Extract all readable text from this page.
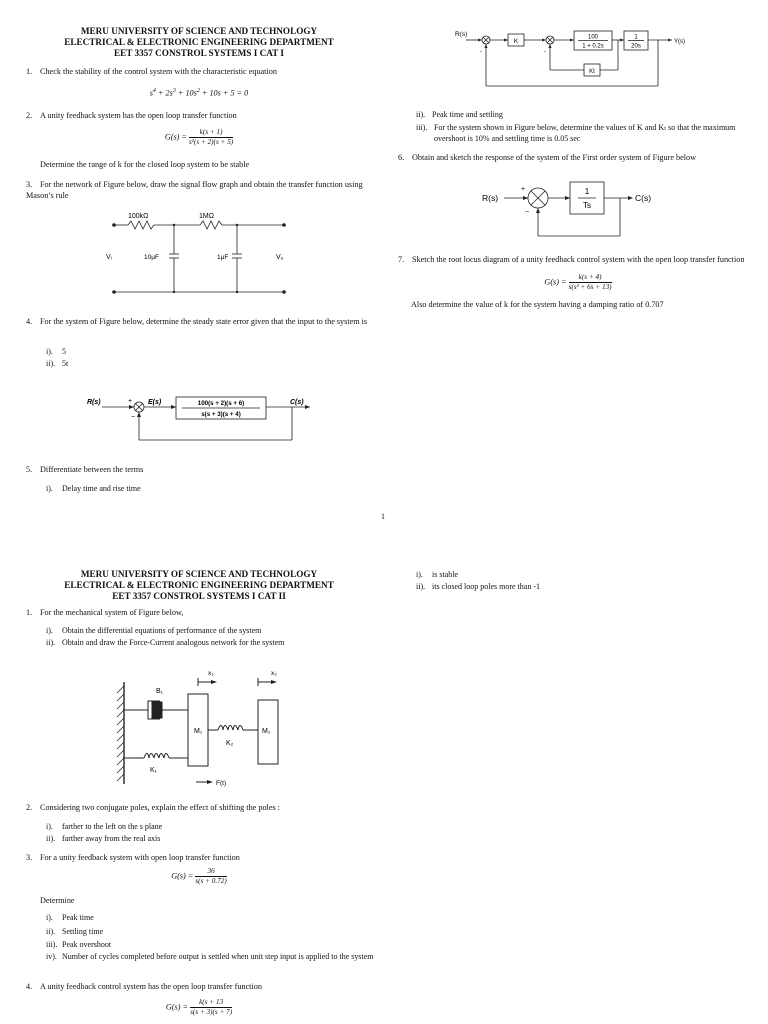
MERU UNIVERSITY OF SCIENCE AND TECHNOLOGY
ELECTRICAL & ELECTRONIC ENGINEERING DEPARTMENT
EET 3357 CONSTROL SYSTEMS I CAT I
1. Check the stability of the control system with the characteristic equation
$s^4 + 2s^3 + 10s^2 + 10s + 5 = 0$
2. A unity feedback system has the open loop transfer function
$G(s) = \frac{k(s + 1)}{\text{s²(s + 2)(s + 5)}}$
Determine the range of k for the closed loop system to be stable
3. For the network of Figure below, draw the signal flow graph and obtain the transfer function using Mason’s rule
100kΩ	1MΩ
10μF	1μF
Vᵢ	Vₒ
4. For the system of Figure below, determine the steady state error given that the input to the system is
i). 5
ii). 5t
R(s)	E(s)	C(s)
100(s + 2)(s + 6)
s(s + 3)(s + 4)
+
−
5. Differentiate between the terms
i). Delay time and rise time
R(s)
Y(s)
K
100
1 + 0.2s
1
20s
Kt
-
-
ii). Peak time and settling
iii). For the system shown in Figure below, determine the values of K and Kₜ so that the maximum overshoot is 10% and settling time is 0.05 sec
6. Obtain and sketch the response of the system of the First order system of Figure below
R(s)	C(s)
1
Ts
+
−
7. Sketch the root locus diagram of a unity feedback control system with the open loop transfer function
$G(s) = \frac{k(s + 4)}{\text{s(s² + 6s + 13)}}$
Also determine the value of k for the system having a damping ratio of 0.707
1
MERU UNIVERSITY OF SCIENCE AND TECHNOLOGY
ELECTRICAL & ELECTRONIC ENGINEERING DEPARTMENT
EET 3357 CONSTROL SYSTEMS I CAT II
1. For the mechanical system of Figure below,
i). Obtain the differential equations of performance of the system
ii). Obtain and draw the Force-Current analogous network for the system
B₁
M₁	M₂
K₁
K₂
x₁	x₂
F(t)
2. Considering two conjugate poles, explain the effect of shifting the poles :
i). farther to the left on the s plane
ii). farther away from the real axis
3. For a unity feedback system with open loop transfer function
$G(s) = \frac{36}{s(s + 0.72)}$
Determine
i). Peak time
ii). Settling time
iii). Peak overshoot
iv). Number of cycles completed before output is settled when unit step input is applied to the system
4. A unity feedback control system has the open loop transfer function
$G(s) = \frac{k(s + 13}{s(s + 3)(s + 7)}$
i). is stable
ii). its closed loop poles more than -1
